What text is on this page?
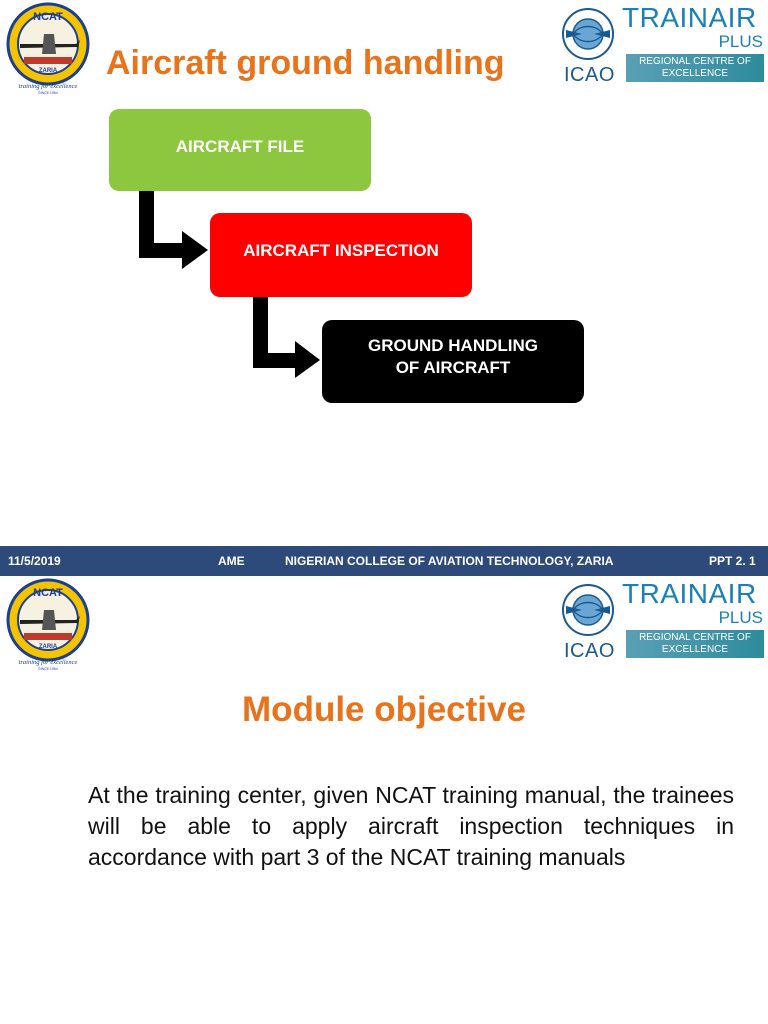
NCAT
ZARIA
training for excellence
SINCE 1964
Aircraft ground handling	ICAO
TRAINAIR
PLUS
REGIONAL CENTRE OF
EXCELLENCE
AIRCRAFT FILE
AIRCRAFT INSPECTION
GROUND HANDLING
OF AIRCRAFT
11/5/2019	AME	NIGERIAN COLLEGE OF AVIATION TECHNOLOGY, ZARIA	PPT 2. 1
NCAT
ZARIA
training for excellence
SINCE 1964
ICAO
TRAINAIR
PLUS
REGIONAL CENTRE OF
EXCELLENCE
Module objective
At the training center, given NCAT training manual, the trainees will be able to apply aircraft inspection techniques in accordance with part 3 of the NCAT training manuals
